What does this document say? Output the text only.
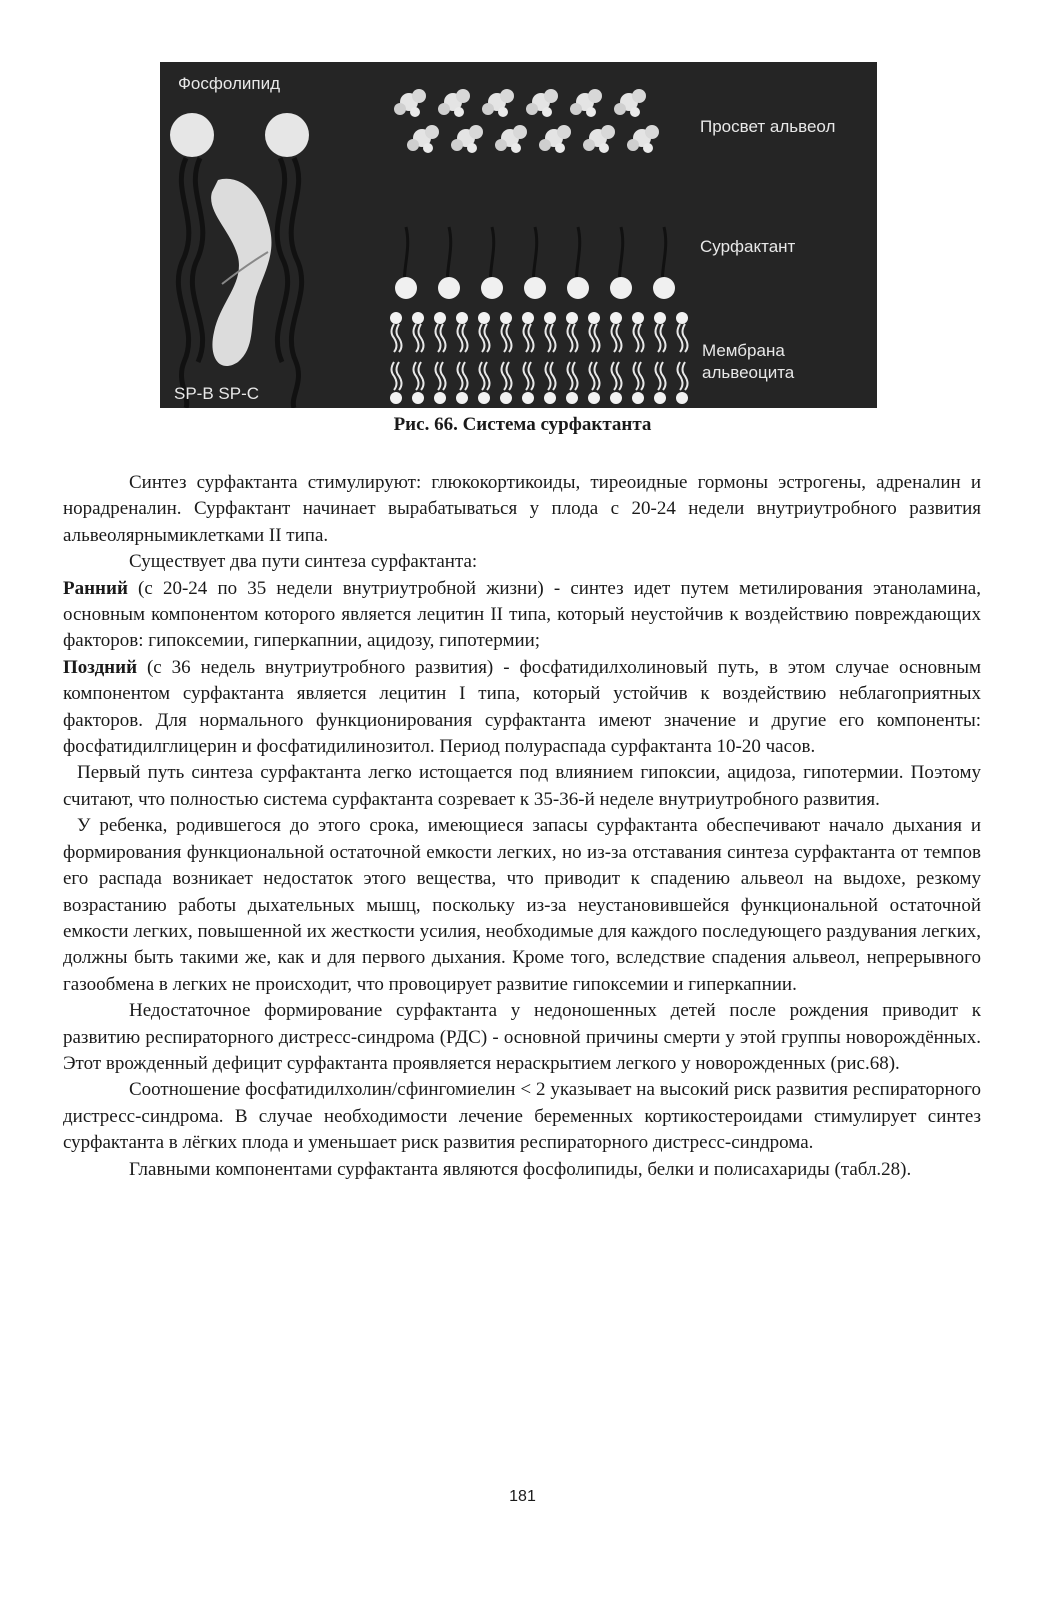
Фосфолипид
Просвет альвеол
Сурфактант
Мембрана
альвеоцита
SP-B SP-C
Рис. 66. Система сурфактанта

Синтез сурфактанта стимулируют: глюкокортикоиды, тиреоидные гормоны эстрогены, адреналин и норадреналин. Сурфактант начинает вырабатываться у плода с 20-24 недели внутриутробного развития альвеолярнымиклетками II типа.

Существует два пути синтеза сурфактанта:

Ранний (с 20-24 по 35 недели внутриутробной жизни) - синтез идет путем метилирования этаноламина, основным компонентом которого является лецитин II типа, который неустойчив к воздействию повреждающих факторов: гипоксемии, гиперкапнии, ацидозу, гипотермии;

Поздний (с 36 недель внутриутробного развития) - фосфатидилхолиновый путь, в этом случае основным компонентом сурфактанта является лецитин I типа, который устойчив к воздействию неблагоприятных факторов. Для нормального функционирования сурфактанта имеют значение и другие его компоненты: фосфатидилглицерин и фосфатидилинозитол. Период полураспада сурфактанта 10-20 часов.

Первый путь синтеза сурфактанта легко истощается под влиянием гипоксии, ацидоза, гипотермии. Поэтому считают, что полностью система сурфактанта созревает к 35-36-й неделе внутриутробного развития.

У ребенка, родившегося до этого срока, имеющиеся запасы сурфактанта обеспечивают начало дыхания и формирования функциональной остаточной емкости легких, но из-за отставания синтеза сурфактанта от темпов его распада возникает недостаток этого вещества, что приводит к спадению альвеол на выдохе, резкому возрастанию работы дыхательных мышц, поскольку из-за неустановившейся функциональной остаточной емкости легких, повышенной их жесткости усилия, необходимые для каждого последующего раздувания легких, должны быть такими же, как и для первого дыхания. Кроме того, вследствие спадения альвеол, непрерывного газообмена в легких не происходит, что провоцирует развитие гипоксемии и гиперкапнии.

Недостаточное формирование сурфактанта у недоношенных детей после рождения приводит к развитию респираторного дистресс-синдрома (РДС) - основной причины смерти у этой группы новорождённых. Этот врожденный дефицит сурфактанта проявляется нераскрытием легкого у новорожденных (рис.68).

Соотношение фосфатидилхолин/сфингомиелин < 2 указывает на высокий риск развития респираторного дистресс-синдрома. В случае необходимости лечение беременных кортикостероидами стимулирует синтез сурфактанта в лёгких плода и уменьшает риск развития респираторного дистресс-синдрома.

Главными компонентами сурфактанта являются фосфолипиды, белки и полисахариды (табл.28).

181
